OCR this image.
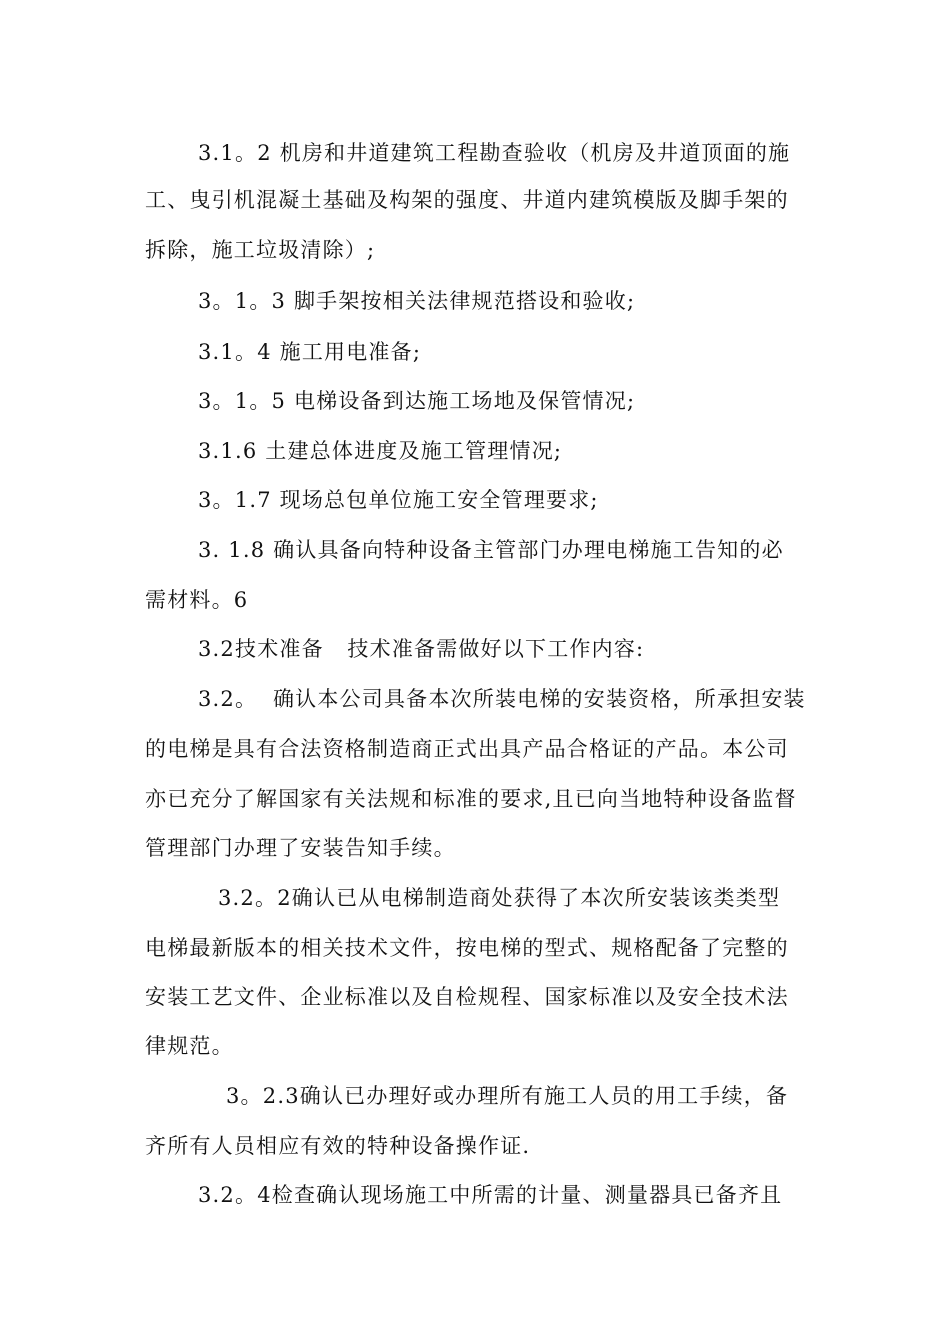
3.1。2 机房和井道建筑工程勘查验收（机房及井道顶面的施
工、曳引机混凝土基础及构架的强度、井道内建筑模版及脚手架的
拆除，施工垃圾清除）;
3。1。3 脚手架按相关法律规范搭设和验收;
3.1。4 施工用电准备;
3。1。5 电梯设备到达施工场地及保管情况;
3.1.6 土建总体进度及施工管理情况;
3。1.7 现场总包单位施工安全管理要求;
3. 1.8 确认具备向特种设备主管部门办理电梯施工告知的必
需材料。6
3.2技术准备   技术准备需做好以下工作内容:
3.2。  确认本公司具备本次所装电梯的安装资格，所承担安装
的电梯是具有合法资格制造商正式出具产品合格证的产品。本公司
亦已充分了解国家有关法规和标准的要求,且已向当地特种设备监督
管理部门办理了安装告知手续。
3.2。2确认已从电梯制造商处获得了本次所安装该类类型
电梯最新版本的相关技术文件，按电梯的型式、规格配备了完整的
安装工艺文件、企业标准以及自检规程、国家标准以及安全技术法
律规范。
3。2.3确认已办理好或办理所有施工人员的用工手续，备
齐所有人员相应有效的特种设备操作证.
3.2。4检查确认现场施工中所需的计量、测量器具已备齐且
